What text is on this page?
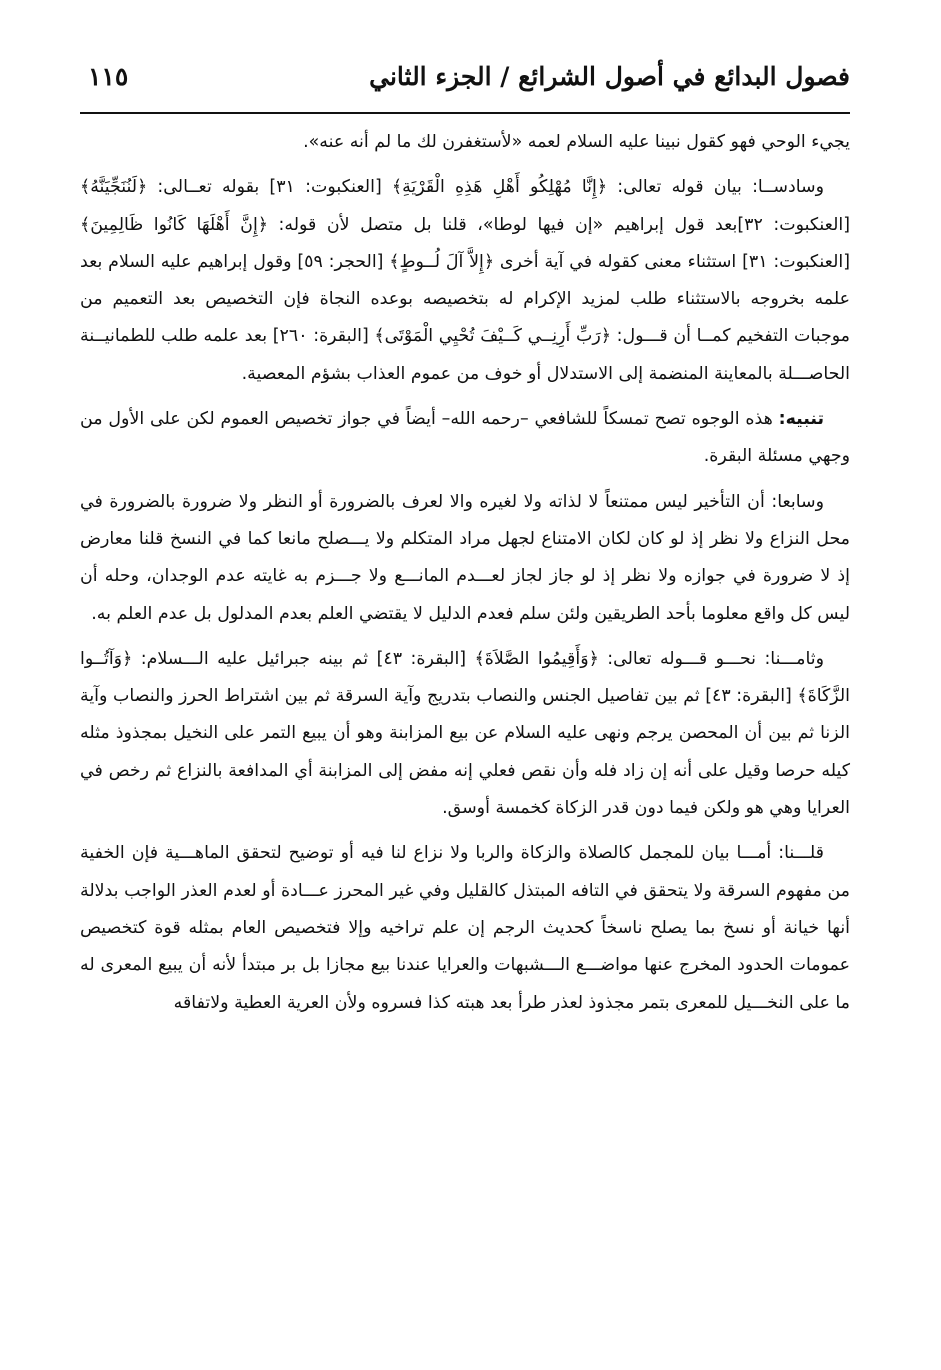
فصول البدائع في أصول الشرائع / الجزء الثاني
١١٥

يجيء الوحي فهو كقول نبينا عليه السلام لعمه «لأستغفرن لك ما لم أنه عنه».

وسادســا: بيان قوله تعالى: ﴿إِنَّا مُهْلِكُو أَهْلِ هَذِهِ الْقَرْيَةِ﴾ [العنكبوت: ٣١] بقوله تعــالى: ﴿لَنُنَجِّيَنَّهُ﴾ [العنكبوت: ٣٢]بعد قول إبراهيم «إن فيها لوطا»، قلنا بل متصل لأن قوله: ﴿إِنَّ أَهْلَهَا كَانُوا ظَالِمِينَ﴾ [العنكبوت: ٣١] استثناء معنى كقوله في آية أخرى ﴿إِلاَّ آلَ لُــوطٍ﴾ [الحجر: ٥٩] وقول إبراهيم عليه السلام بعد علمه بخروجه بالاستثناء طلب لمزيد الإكرام له بتخصيصه بوعده النجاة فإن التخصيص بعد التعميم من موجبات التفخيم كمــا أن قـــول: ﴿رَبِّ أَرِنِــي كَــيْفَ تُحْيِي الْمَوْتَى﴾ [البقرة: ٢٦٠] بعد علمه طلب للطمانيــنة الحاصـــلة بالمعاينة المنضمة إلى الاستدلال أو خوف من عموم العذاب بشؤم المعصية.

تنبيه: هذه الوجوه تصح تمسكاً للشافعي –رحمه الله– أيضاً في جواز تخصيص العموم لكن على الأول من وجهي مسئلة البقرة.

وسابعا: أن التأخير ليس ممتنعاً لا لذاته ولا لغيره والا لعرف بالضرورة أو النظر ولا ضرورة بالضرورة في محل النزاع ولا نظر إذ لو كان لكان الامتناع لجهل مراد المتكلم ولا يـــصلح مانعا كما في النسخ قلنا معارض إذ لا ضرورة في جوازه ولا نظر إذ لو جاز لجاز لعـــدم المانـــع ولا جـــزم به غايته عدم الوجدان، وحله أن ليس كل واقع معلوما بأحد الطريقين ولئن سلم فعدم الدليل لا يقتضي العلم بعدم المدلول بل عدم العلم به.

وثامـــنا: نحـــو قـــوله تعالى: ﴿وَأَقِيمُوا الصَّلاَةَ﴾ [البقرة: ٤٣] ثم بينه جبرائيل عليه الـــسلام: ﴿وَآتُــوا الزَّكَاةَ﴾ [البقرة: ٤٣] ثم بين تفاصيل الجنس والنصاب بتدريج وآية السرقة ثم بين اشتراط الحرز والنصاب وآية الزنا ثم بين أن المحصن يرجم ونهى عليه السلام عن بيع المزابنة وهو أن يبيع التمر على النخيل بمجذوذ مثله كيله حرصا وقيل على أنه إن زاد فله وأن نقص فعلي إنه مفض إلى المزابنة أي المدافعة بالنزاع ثم رخص في العرايا وهي هو ولكن فيما دون قدر الزكاة كخمسة أوسق.

قلـــنا: أمـــا بيان للمجمل كالصلاة والزكاة والربا ولا نزاع لنا فيه أو توضيح لتحقق الماهـــية فإن الخفية من مفهوم السرقة ولا يتحقق في التافه المبتذل كالقليل وفي غير المحرز عـــادة أو لعدم العذر الواجب بدلالة أنها خيانة أو نسخ بما يصلح ناسخاً كحديث الرجم إن علم تراخيه وإلا فتخصيص العام بمثله قوة كتخصيص عمومات الحدود المخرج عنها مواضـــع الـــشبهات والعرايا عندنا بيع مجازا بل بر مبتدأ لأنه أن يبيع المعرى له ما على النخـــيل للمعرى بتمر مجذوذ لعذر طرأ بعد هبته كذا فسروه ولأن العرية العطية ولاتفاقه
